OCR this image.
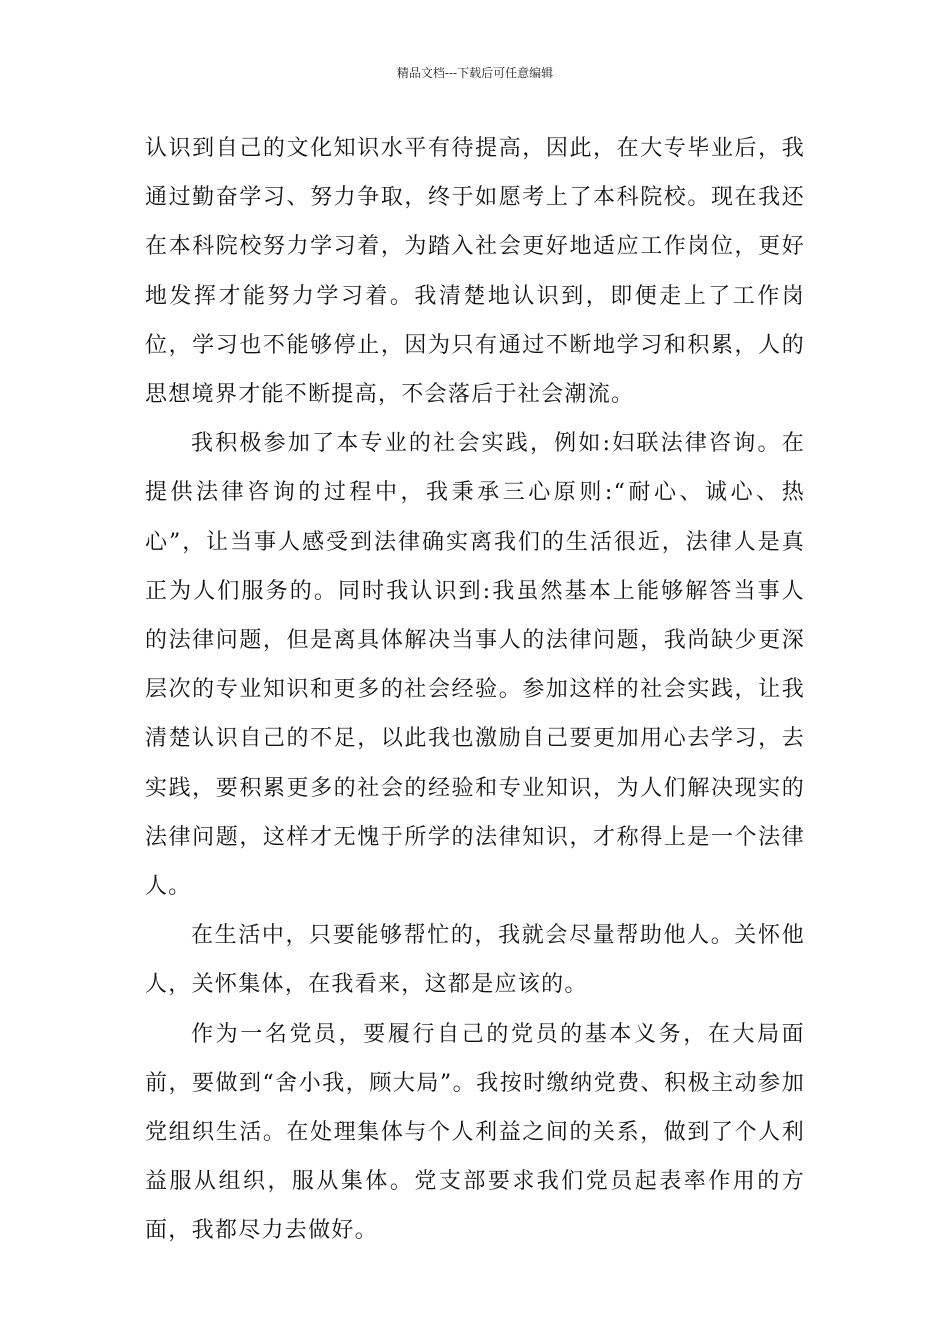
精品文档---下载后可任意编辑

认识到自己的文化知识水平有待提高，因此，在大专毕业后，我通过勤奋学习、努力争取，终于如愿考上了本科院校。现在我还在本科院校努力学习着，为踏入社会更好地适应工作岗位，更好地发挥才能努力学习着。我清楚地认识到，即便走上了工作岗位，学习也不能够停止，因为只有通过不断地学习和积累，人的思想境界才能不断提高，不会落后于社会潮流。

我积极参加了本专业的社会实践，例如:妇联法律咨询。在提供法律咨询的过程中，我秉承三心原则:“耐心、诚心、热心”，让当事人感受到法律确实离我们的生活很近，法律人是真正为人们服务的。同时我认识到:我虽然基本上能够解答当事人的法律问题，但是离具体解决当事人的法律问题，我尚缺少更深层次的专业知识和更多的社会经验。参加这样的社会实践，让我清楚认识自己的不足，以此我也激励自己要更加用心去学习，去实践，要积累更多的社会的经验和专业知识，为人们解决现实的法律问题，这样才无愧于所学的法律知识，才称得上是一个法律人。

在生活中，只要能够帮忙的，我就会尽量帮助他人。关怀他人，关怀集体，在我看来，这都是应该的。

作为一名党员，要履行自己的党员的基本义务，在大局面前，要做到“舍小我，顾大局”。我按时缴纳党费、积极主动参加党组织生活。在处理集体与个人利益之间的关系，做到了个人利益服从组织，服从集体。党支部要求我们党员起表率作用的方面，我都尽力去做好。
